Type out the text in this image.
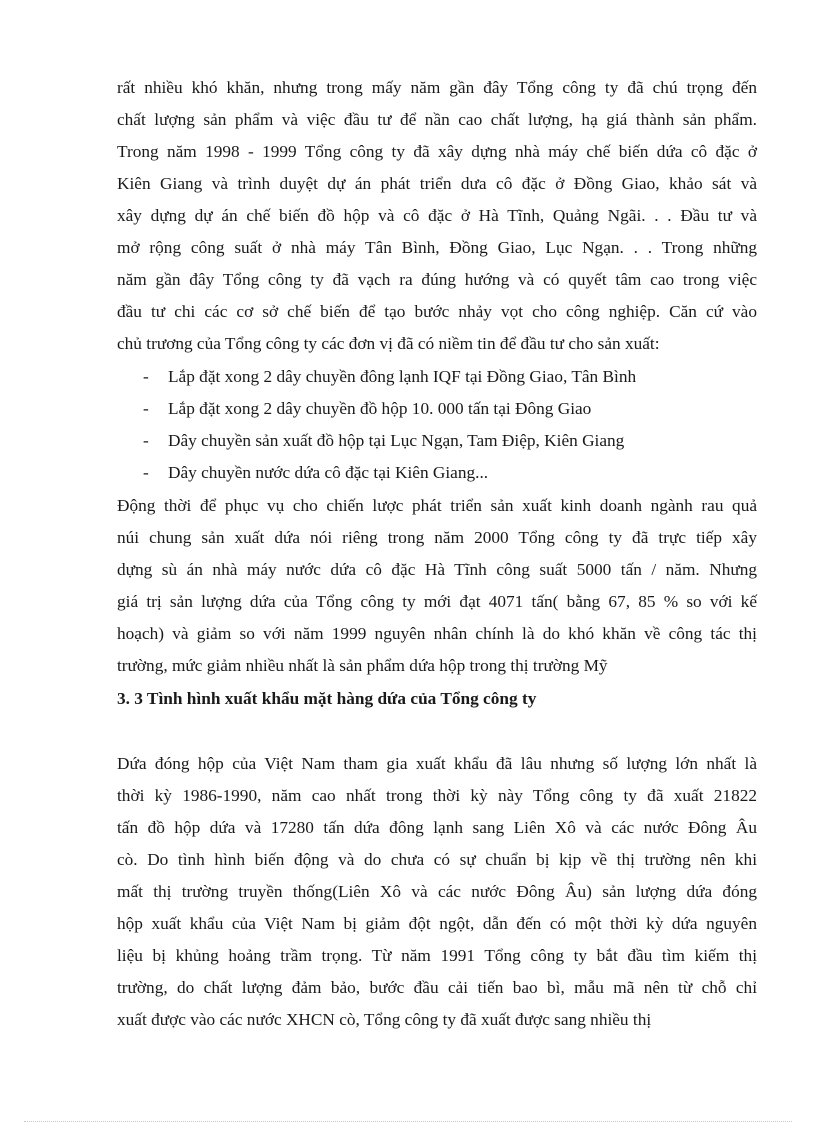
rất nhiều khó khăn, nhưng trong mấy năm gần đây Tổng công ty đã chú trọng đến
chất lượng sản phẩm và việc đầu tư để nần cao chất lượng, hạ giá thành sản phẩm.
Trong năm 1998 - 1999 Tổng công ty đã xây dựng nhà máy chế biến dứa cô đặc ở
Kiên Giang và trình duyệt dự án phát triển dưa cô đặc ở Đồng Giao, khảo sát và
xây dựng dự án chế biến đồ hộp và cô đặc ở Hà Tĩnh, Quảng Ngãi. . . Đầu tư và
mở rộng công suất ở nhà máy Tân Bình, Đồng Giao, Lục Ngạn. . . Trong những
năm gần đây Tổng công ty đã vạch ra đúng hướng và có quyết tâm cao trong việc
đầu tư chi các cơ sở chế biến để tạo bước nhảy vọt cho công nghiệp. Căn cứ vào
chủ trương của Tổng công ty các đơn vị đã có niềm tin để đầu tư cho sản xuất:
- Lắp đặt xong 2 dây chuyền đông lạnh IQF tại Đồng Giao, Tân Bình
- Lắp đặt xong 2 dây chuyền đồ hộp 10. 000 tấn tại Đông Giao
- Dây chuyền sản xuất đồ hộp tại Lục Ngạn, Tam Điệp, Kiên Giang
- Dây chuyền nước dứa cô đặc tại Kiên Giang...
Động thời để phục vụ cho chiến lược phát triển sản xuất kinh doanh ngành rau quả
núi chung sản xuất dứa nói riêng trong năm 2000 Tổng công ty đã trực tiếp xây
dựng sù án nhà máy nước dứa cô đặc Hà Tĩnh công suất 5000 tấn / năm. Nhưng
giá trị sản lượng dứa của Tổng công ty mới đạt 4071 tấn( bằng 67, 85 % so với kế
hoạch) và giảm so với năm 1999 nguyên nhân chính là do khó khăn về công tác thị
trường, mức giảm nhiều nhất là sản phẩm dứa hộp trong thị trường Mỹ
3. 3 Tình hình xuất khẩu mặt hàng dứa của Tổng công ty
Dứa đóng hộp của Việt Nam tham gia xuất khẩu đã lâu nhưng số lượng lớn nhất là
thời kỳ 1986-1990, năm cao nhất trong thời kỳ này Tổng công ty đã xuất 21822
tấn đồ hộp dứa và 17280 tấn dứa đông lạnh sang Liên Xô và các nước Đông Âu
cò. Do tình hình biến động và do chưa có sự chuẩn bị kịp về thị trường nên khi
mất thị trường truyền thống(Liên Xô và các nước Đông Âu) sản lượng dứa đóng
hộp xuất khẩu của Việt Nam bị giảm đột ngột, dẫn đến có một thời kỳ dứa nguyên
liệu bị khủng hoảng trầm trọng. Từ năm 1991 Tổng công ty bắt đầu tìm kiếm thị
trường, do chất lượng đảm bảo, bước đầu cải tiến bao bì, mẫu mã nên từ chỗ chỉ
xuất được vào các nước XHCN cò, Tổng công ty đã xuất được sang nhiều thị
